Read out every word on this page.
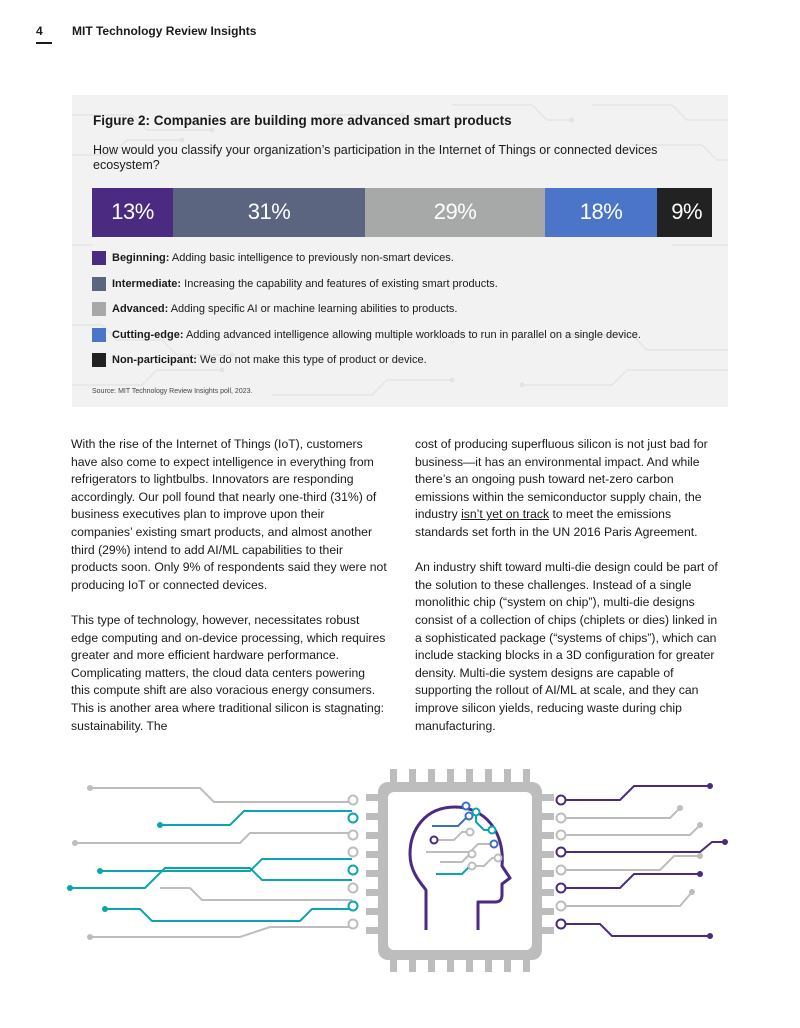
4 MIT Technology Review Insights
Figure 2: Companies are building more advanced smart products
How would you classify your organization’s participation in the Internet of Things or connected devices ecosystem?
13%	31%	29%	18%	9%
Beginning: Adding basic intelligence to previously non-smart devices.
Intermediate: Increasing the capability and features of existing smart products.
Advanced: Adding specific AI or machine learning abilities to products.
Cutting-edge: Adding advanced intelligence allowing multiple workloads to run in parallel on a single device.
Non-participant: We do not make this type of product or device.
Source: MIT Technology Review Insights poll, 2023.

With the rise of the Internet of Things (IoT), customers have also come to expect intelligence in everything from refrigerators to lightbulbs. Innovators are responding accordingly. Our poll found that nearly one-third (31%) of business executives plan to improve upon their companies’ existing smart products, and almost another third (29%) intend to add AI/ML capabilities to their products soon. Only 9% of respondents said they were not producing IoT or connected devices.

This type of technology, however, necessitates robust edge computing and on-device processing, which requires greater and more efficient hardware performance. Complicating matters, the cloud data centers powering this compute shift are also voracious energy consumers. This is another area where traditional silicon is stagnating: sustainability. The

cost of producing superfluous silicon is not just bad for business—it has an environmental impact. And while there’s an ongoing push toward net-zero carbon emissions within the semiconductor supply chain, the industry isn’t yet on track to meet the emissions standards set forth in the UN 2016 Paris Agreement.

An industry shift toward multi-die design could be part of the solution to these challenges. Instead of a single monolithic chip (“system on chip”), multi-die designs consist of a collection of chips (chiplets or dies) linked in a sophisticated package (“systems of chips”), which can include stacking blocks in a 3D configuration for greater density. Multi-die system designs are capable of supporting the rollout of AI/ML at scale, and they can improve silicon yields, reducing waste during chip manufacturing.
